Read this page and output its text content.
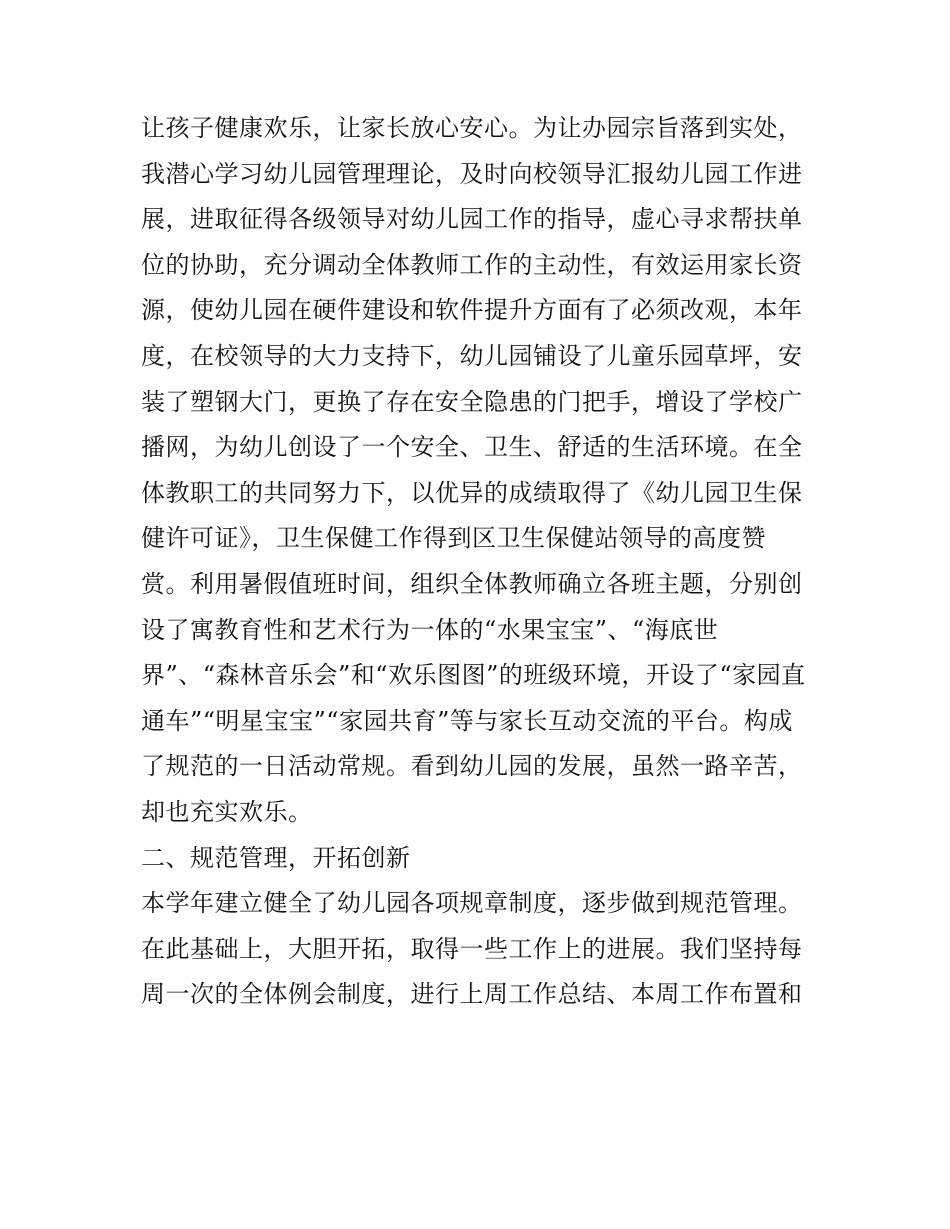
让孩子健康欢乐，让家长放心安心。为让办园宗旨落到实处，
我潜心学习幼儿园管理理论，及时向校领导汇报幼儿园工作进
展，进取征得各级领导对幼儿园工作的指导，虚心寻求帮扶单
位的协助，充分调动全体教师工作的主动性，有效运用家长资
源，使幼儿园在硬件建设和软件提升方面有了必须改观，本年
度，在校领导的大力支持下，幼儿园铺设了儿童乐园草坪，安
装了塑钢大门，更换了存在安全隐患的门把手，增设了学校广
播网，为幼儿创设了一个安全、卫生、舒适的生活环境。在全
体教职工的共同努力下，以优异的成绩取得了《幼儿园卫生保
健许可证》，卫生保健工作得到区卫生保健站领导的高度赞
赏。利用暑假值班时间，组织全体教师确立各班主题，分别创
设了寓教育性和艺术行为一体的“水果宝宝”、“海底世
界”、“森林音乐会”和“欢乐图图”的班级环境，开设了“家园直
通车”“明星宝宝”“家园共育”等与家长互动交流的平台。构成
了规范的一日活动常规。看到幼儿园的发展，虽然一路辛苦，
却也充实欢乐。
二、规范管理，开拓创新
本学年建立健全了幼儿园各项规章制度，逐步做到规范管理。
在此基础上，大胆开拓，取得一些工作上的进展。我们坚持每
周一次的全体例会制度，进行上周工作总结、本周工作布置和
